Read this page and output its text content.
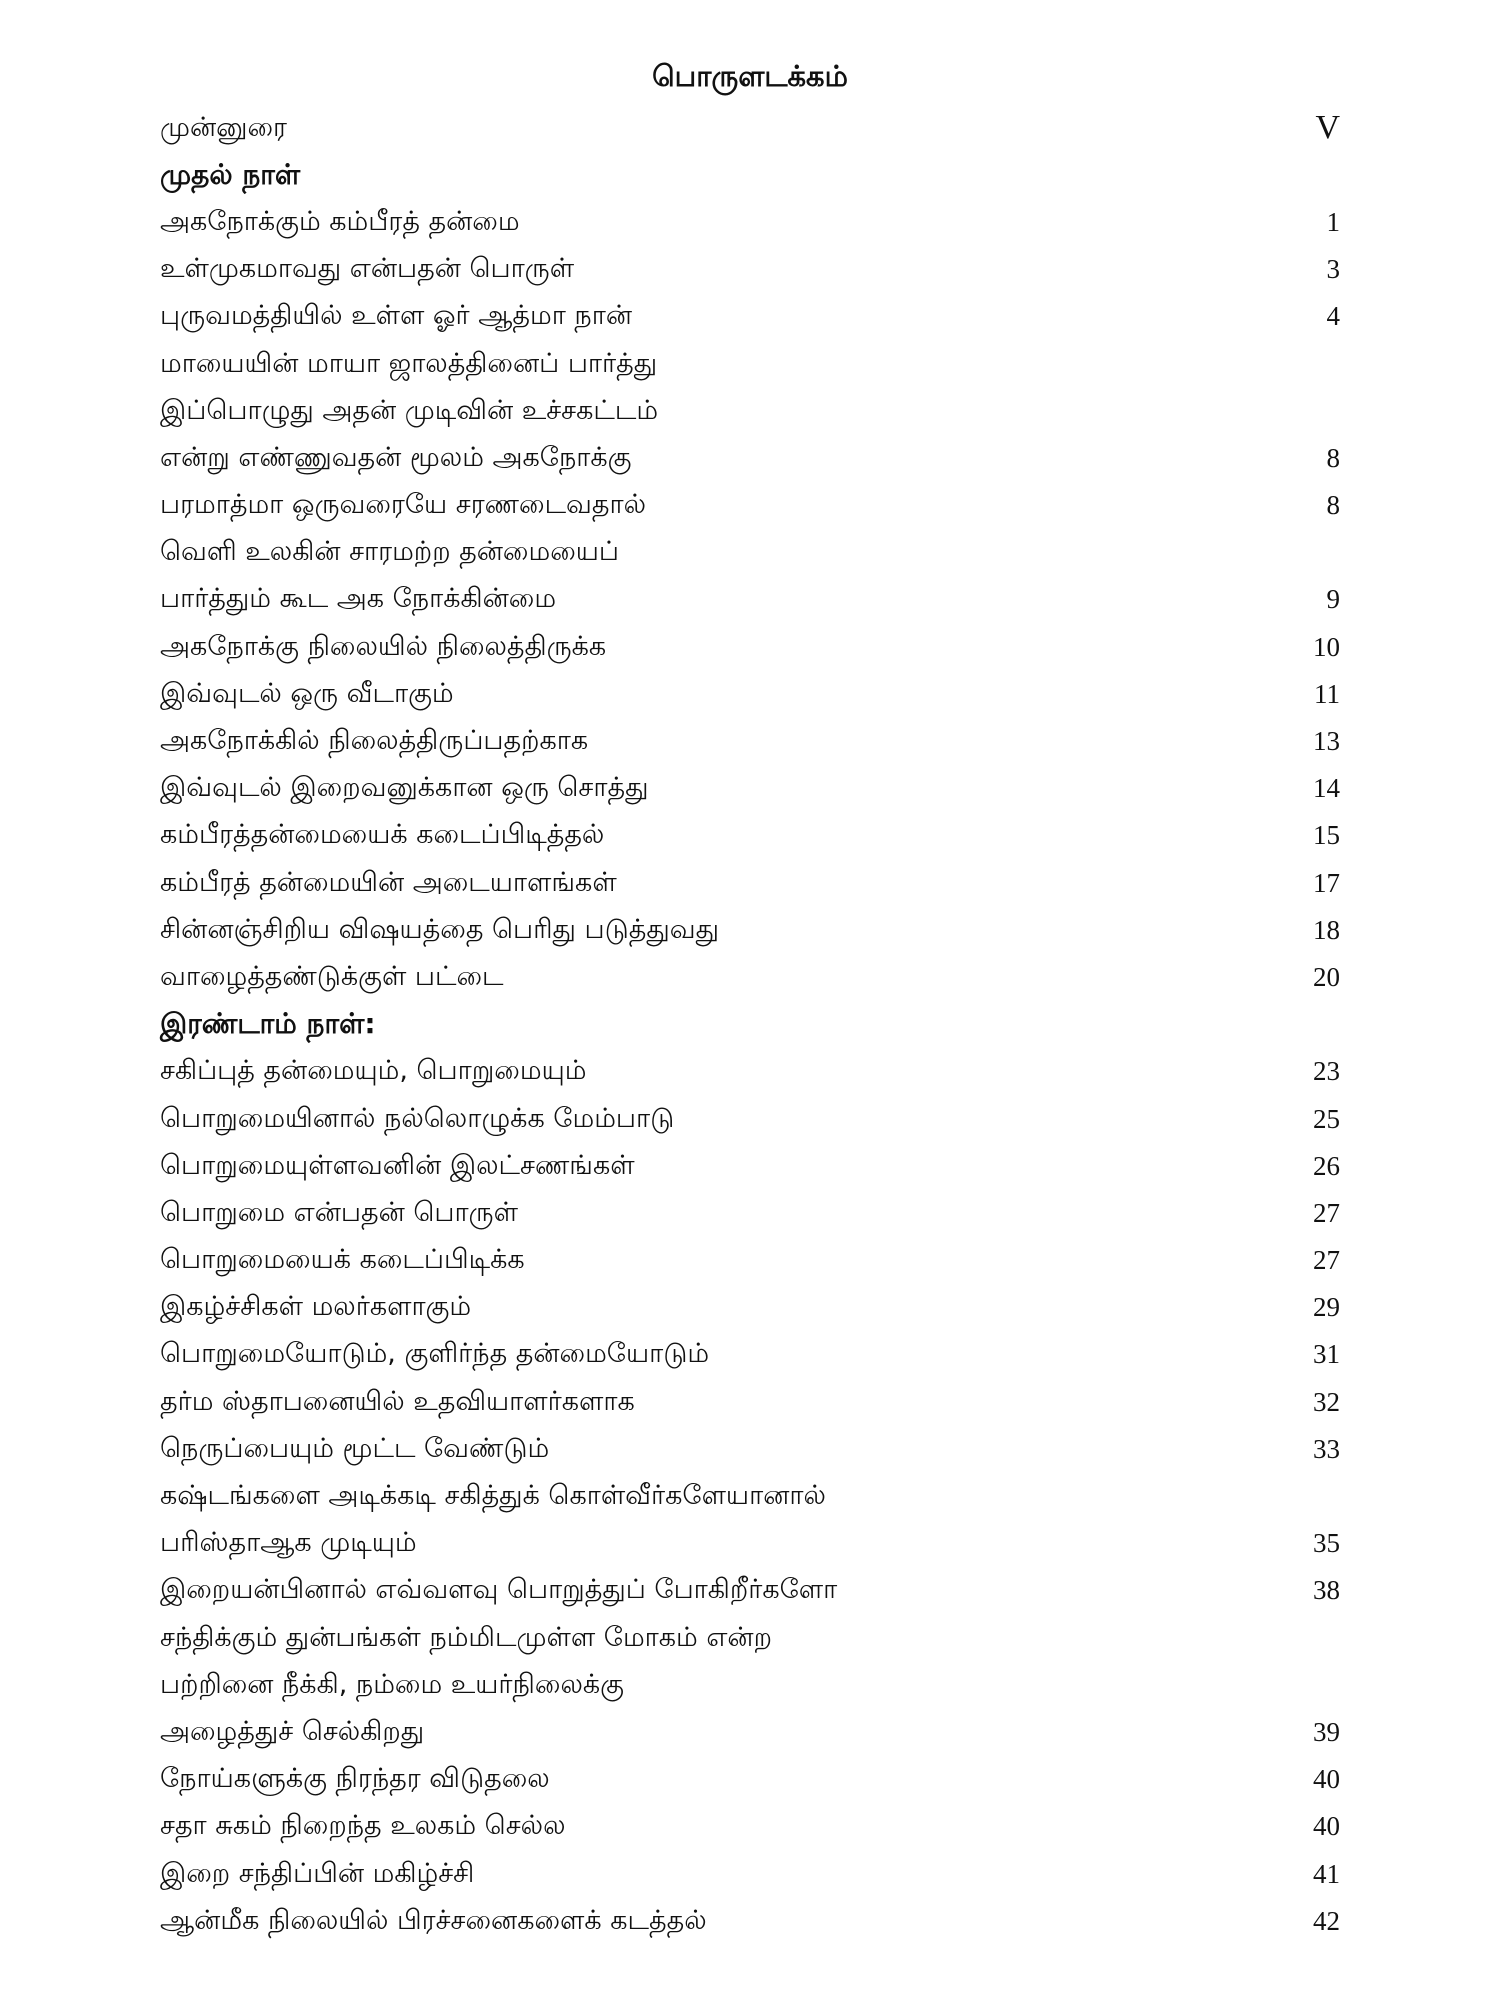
பொருளடக்கம்
முன்னுரை	V
முதல் நாள்
அகநோக்கும் கம்பீரத் தன்மை	1
உள்முகமாவது என்பதன் பொருள்	3
புருவமத்தியில் உள்ள ஓர் ஆத்மா நான்	4
மாயையின் மாயா ஜாலத்தினைப் பார்த்து
இப்பொழுது அதன் முடிவின் உச்சகட்டம்
என்று எண்ணுவதன் மூலம் அகநோக்கு	8
பரமாத்மா ஒருவரையே சரணடைவதால்	8
வெளி உலகின் சாரமற்ற தன்மையைப்
பார்த்தும் கூட அக நோக்கின்மை	9
அகநோக்கு நிலையில் நிலைத்திருக்க	10
இவ்வுடல் ஒரு வீடாகும்	11
அகநோக்கில் நிலைத்திருப்பதற்காக	13
இவ்வுடல் இறைவனுக்கான ஒரு சொத்து	14
கம்பீரத்தன்மையைக் கடைப்பிடித்தல்	15
கம்பீரத் தன்மையின் அடையாளங்கள்	17
சின்னஞ்சிறிய விஷயத்தை பெரிது படுத்துவது	18
வாழைத்தண்டுக்குள் பட்டை	20
இரண்டாம் நாள்:
சகிப்புத் தன்மையும், பொறுமையும்	23
பொறுமையினால் நல்லொழுக்க மேம்பாடு	25
பொறுமையுள்ளவனின் இலட்சணங்கள்	26
பொறுமை என்பதன் பொருள்	27
பொறுமையைக் கடைப்பிடிக்க	27
இகழ்ச்சிகள் மலர்களாகும்	29
பொறுமையோடும், குளிர்ந்த தன்மையோடும்	31
தர்ம ஸ்தாபனையில் உதவியாளர்களாக	32
நெருப்பையும் மூட்ட வேண்டும்	33
கஷ்டங்களை அடிக்கடி சகித்துக் கொள்வீர்களேயானால்
பரிஸ்தாஆக முடியும்	35
இறையன்பினால் எவ்வளவு பொறுத்துப் போகிறீர்களோ	38
சந்திக்கும் துன்பங்கள் நம்மிடமுள்ள மோகம் என்ற
பற்றினை நீக்கி, நம்மை உயர்நிலைக்கு
அழைத்துச் செல்கிறது	39
நோய்களுக்கு நிரந்தர விடுதலை	40
சதா சுகம் நிறைந்த உலகம் செல்ல	40
இறை சந்திப்பின் மகிழ்ச்சி	41
ஆன்மீக நிலையில் பிரச்சனைகளைக் கடத்தல்	42
